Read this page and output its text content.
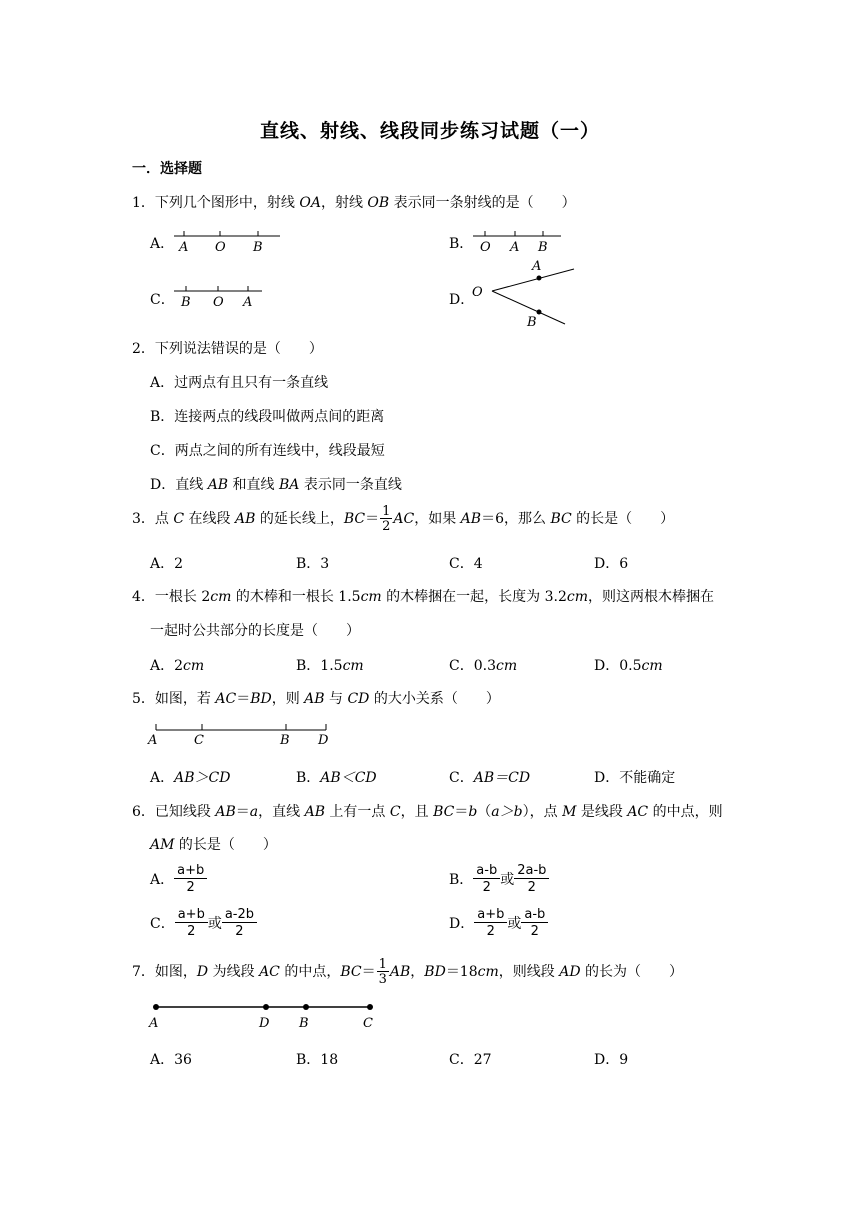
直线、射线、线段同步练习试题（一）
一．选择题
1．下列几个图形中，射线 OA，射线 OB 表示同一条射线的是（　　）
A． A O B	B． O A B
C． B O A	D．
O
A
B
2．下列说法错误的是（　　）
A．过两点有且只有一条直线
B．连接两点的线段叫做两点间的距离
C．两点之间的所有连线中，线段最短
D．直线 AB 和直线 BA 表示同一条直线
3．点 C 在线段 AB 的延长线上，$BC= \frac{1}{2}$ AC，如果 AB＝6，那么 BC 的长是（　　）
A．2	B．3	C．4	D．6
4．一根长 2cm 的木棒和一根长 1.5cm 的木棒捆在一起，长度为 3.2cm，则这两根木棒捆在
一起时公共部分的长度是（　　）
A．2cm	B．1.5cm	C．0.3cm	D．0.5cm
5．如图，若 AC＝BD，则 AB 与 CD 的大小关系（　　）
A	C	B D
A．AB＞CD	B．AB＜CD	C．AB＝CD	D．不能确定
6．已知线段 AB＝a，直线 AB 上有一点 C，且 BC＝b（a＞b），点 M 是线段 AC 的中点，则
AM 的长是（　　）
A． $\frac{a+b}{2}$	B． $\frac{a-b}{2}$ 或 $\frac{2a-b}{2}$
C． $\frac{a+b}{2}$ 或 $\frac{a-2b}{2}$	D． $\frac{a+b}{2}$ 或 $\frac{a-b}{2}$
7．如图，D 为线段 AC 的中点，$BC= \frac{1}{3}$ AB，BD＝18cm，则线段 AD 的长为（　　）
A	D B	C
A．36	B．18	C．27	D．9
